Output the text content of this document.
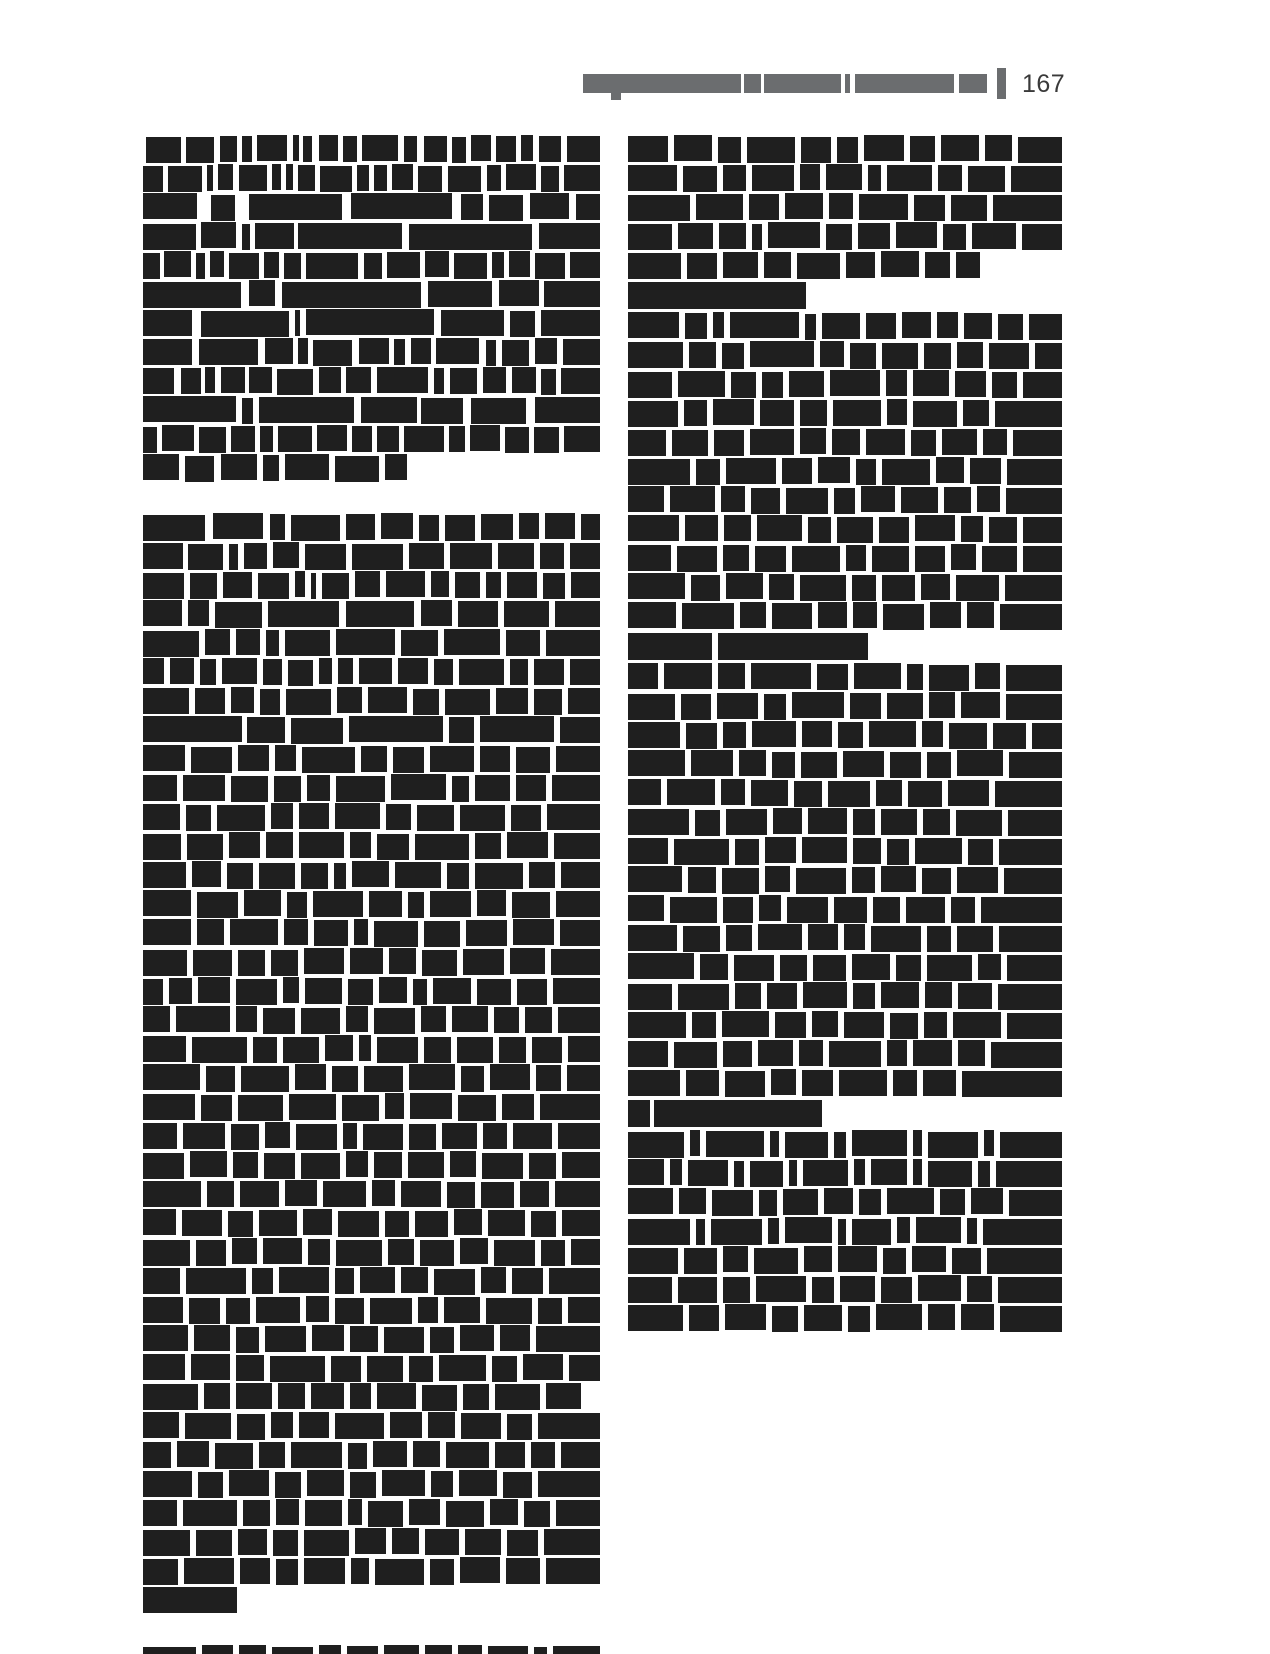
167
